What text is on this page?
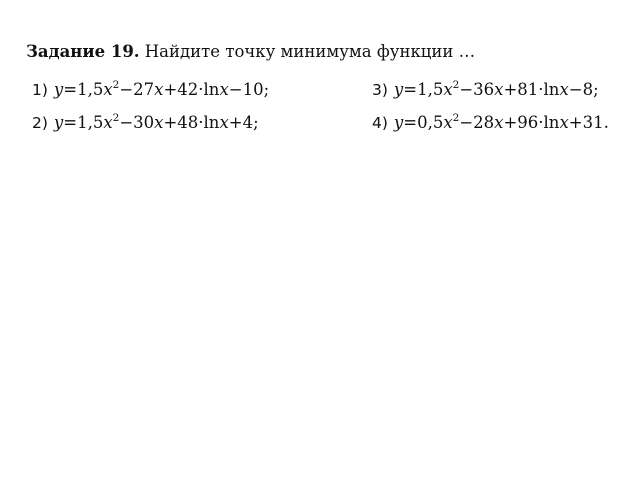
Задание 19. Найдите точку минимума функции …
1) $y=1,5x^2-27x+42\cdot\ln x-10$;
2) $y=1,5x^2-30x+48\cdot\ln x+4$;
3) $y=1,5x^2-36x+81\cdot\ln x-8$;
4) $y=0,5x^2-28x+96\cdot\ln x+31$.
